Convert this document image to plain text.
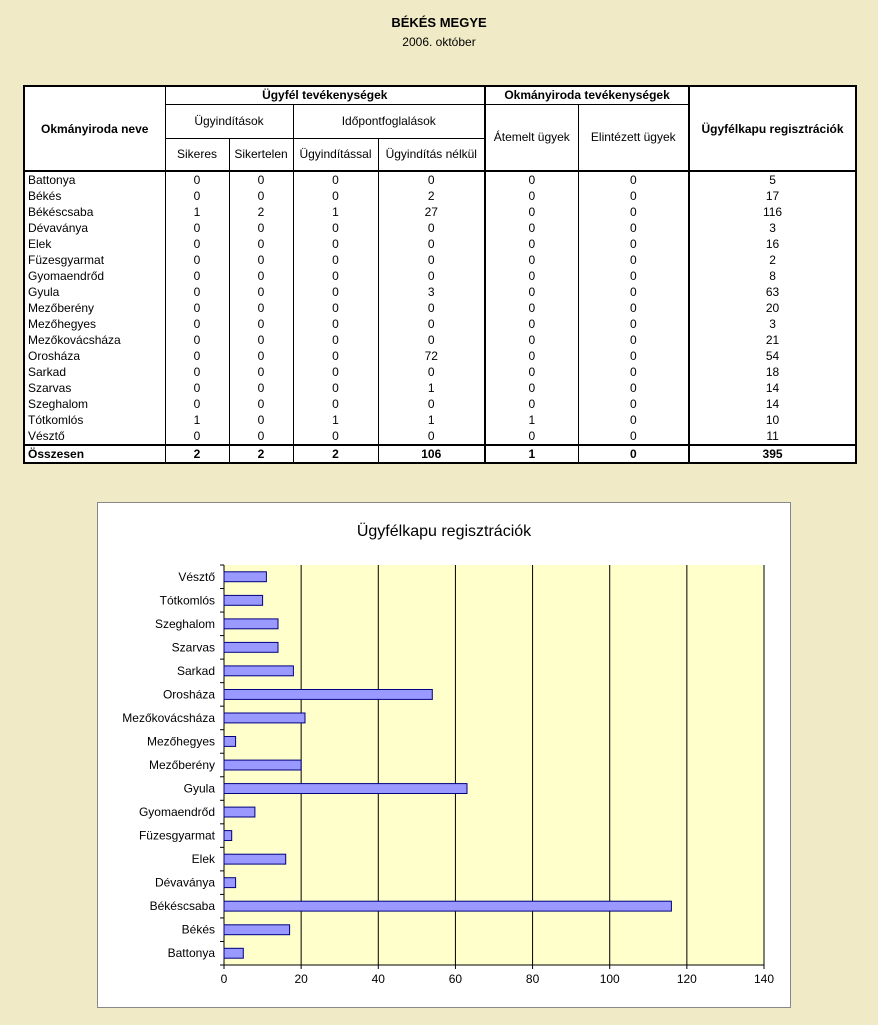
BÉKÉS MEGYE
2006. október
Okmányiroda neve	Ügyfél tevékenységek				Okmányiroda tevékenységek		Ügyfélkapu regisztrációk
	Ügyindítások		Időpontfoglalások		Átemelt ügyek	Elintézett ügyek	
	Sikeres	Sikertelen	Ügyindítással	Ügyindítás nélkül			
Battonya	0	0	0	0	0	0	5
Békés	0	0	0	2	0	0	17
Békéscsaba	1	2	1	27	0	0	116
Dévaványa	0	0	0	0	0	0	3
Elek	0	0	0	0	0	0	16
Füzesgyarmat	0	0	0	0	0	0	2
Gyomaendrőd	0	0	0	0	0	0	8
Gyula	0	0	0	3	0	0	63
Mezőberény	0	0	0	0	0	0	20
Mezőhegyes	0	0	0	0	0	0	3
Mezőkovácsháza	0	0	0	0	0	0	21
Orosháza	0	0	0	72	0	0	54
Sarkad	0	0	0	0	0	0	18
Szarvas	0	0	0	1	0	0	14
Szeghalom	0	0	0	0	0	0	14
Tótkomlós	1	0	1	1	1	0	10
Vésztő	0	0	0	0	0	0	11
Összesen	2	2	2	106	1	0	395
Ügyfélkapu regisztrációk
0	20	40	60	80	100	120	140
Battonya
Békés
Békéscsaba
Dévaványa
Elek
Füzesgyarmat
Gyomaendrőd
Gyula
Mezőberény
Mezőhegyes
Mezőkovácsháza
Orosháza
Sarkad
Szarvas
Szeghalom
Tótkomlós
Vésztő
